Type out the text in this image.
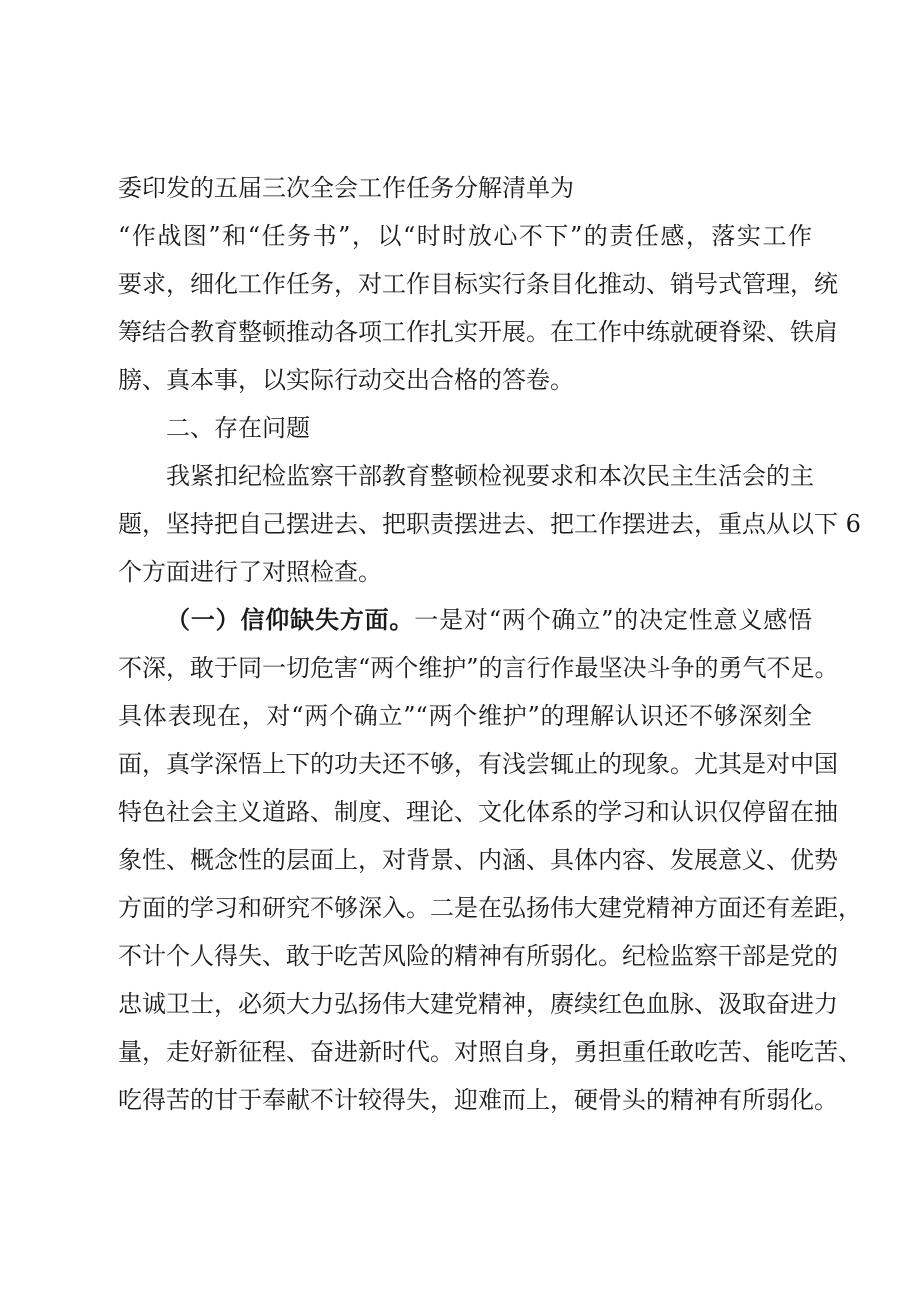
委印发的五届三次全会工作任务分解清单为
“作战图”和“任务书”，以“时时放心不下”的责任感，落实工作
要求，细化工作任务，对工作目标实行条目化推动、销号式管理，统
筹结合教育整顿推动各项工作扎实开展。在工作中练就硬脊梁、铁肩
膀、真本事，以实际行动交出合格的答卷。
二、存在问题
我紧扣纪检监察干部教育整顿检视要求和本次民主生活会的主
题，坚持把自己摆进去、把职责摆进去、把工作摆进去，重点从以下 6
个方面进行了对照检查。
（一）信仰缺失方面。一是对“两个确立”的决定性意义感悟
不深，敢于同一切危害“两个维护”的言行作最坚决斗争的勇气不足。
具体表现在，对“两个确立”“两个维护”的理解认识还不够深刻全
面，真学深悟上下的功夫还不够，有浅尝辄止的现象。尤其是对中国
特色社会主义道路、制度、理论、文化体系的学习和认识仅停留在抽
象性、概念性的层面上，对背景、内涵、具体内容、发展意义、优势
方面的学习和研究不够深入。二是在弘扬伟大建党精神方面还有差距，
不计个人得失、敢于吃苦风险的精神有所弱化。纪检监察干部是党的
忠诚卫士，必须大力弘扬伟大建党精神，赓续红色血脉、汲取奋进力
量，走好新征程、奋进新时代。对照自身，勇担重任敢吃苦、能吃苦、
吃得苦的甘于奉献不计较得失，迎难而上，硬骨头的精神有所弱化。
